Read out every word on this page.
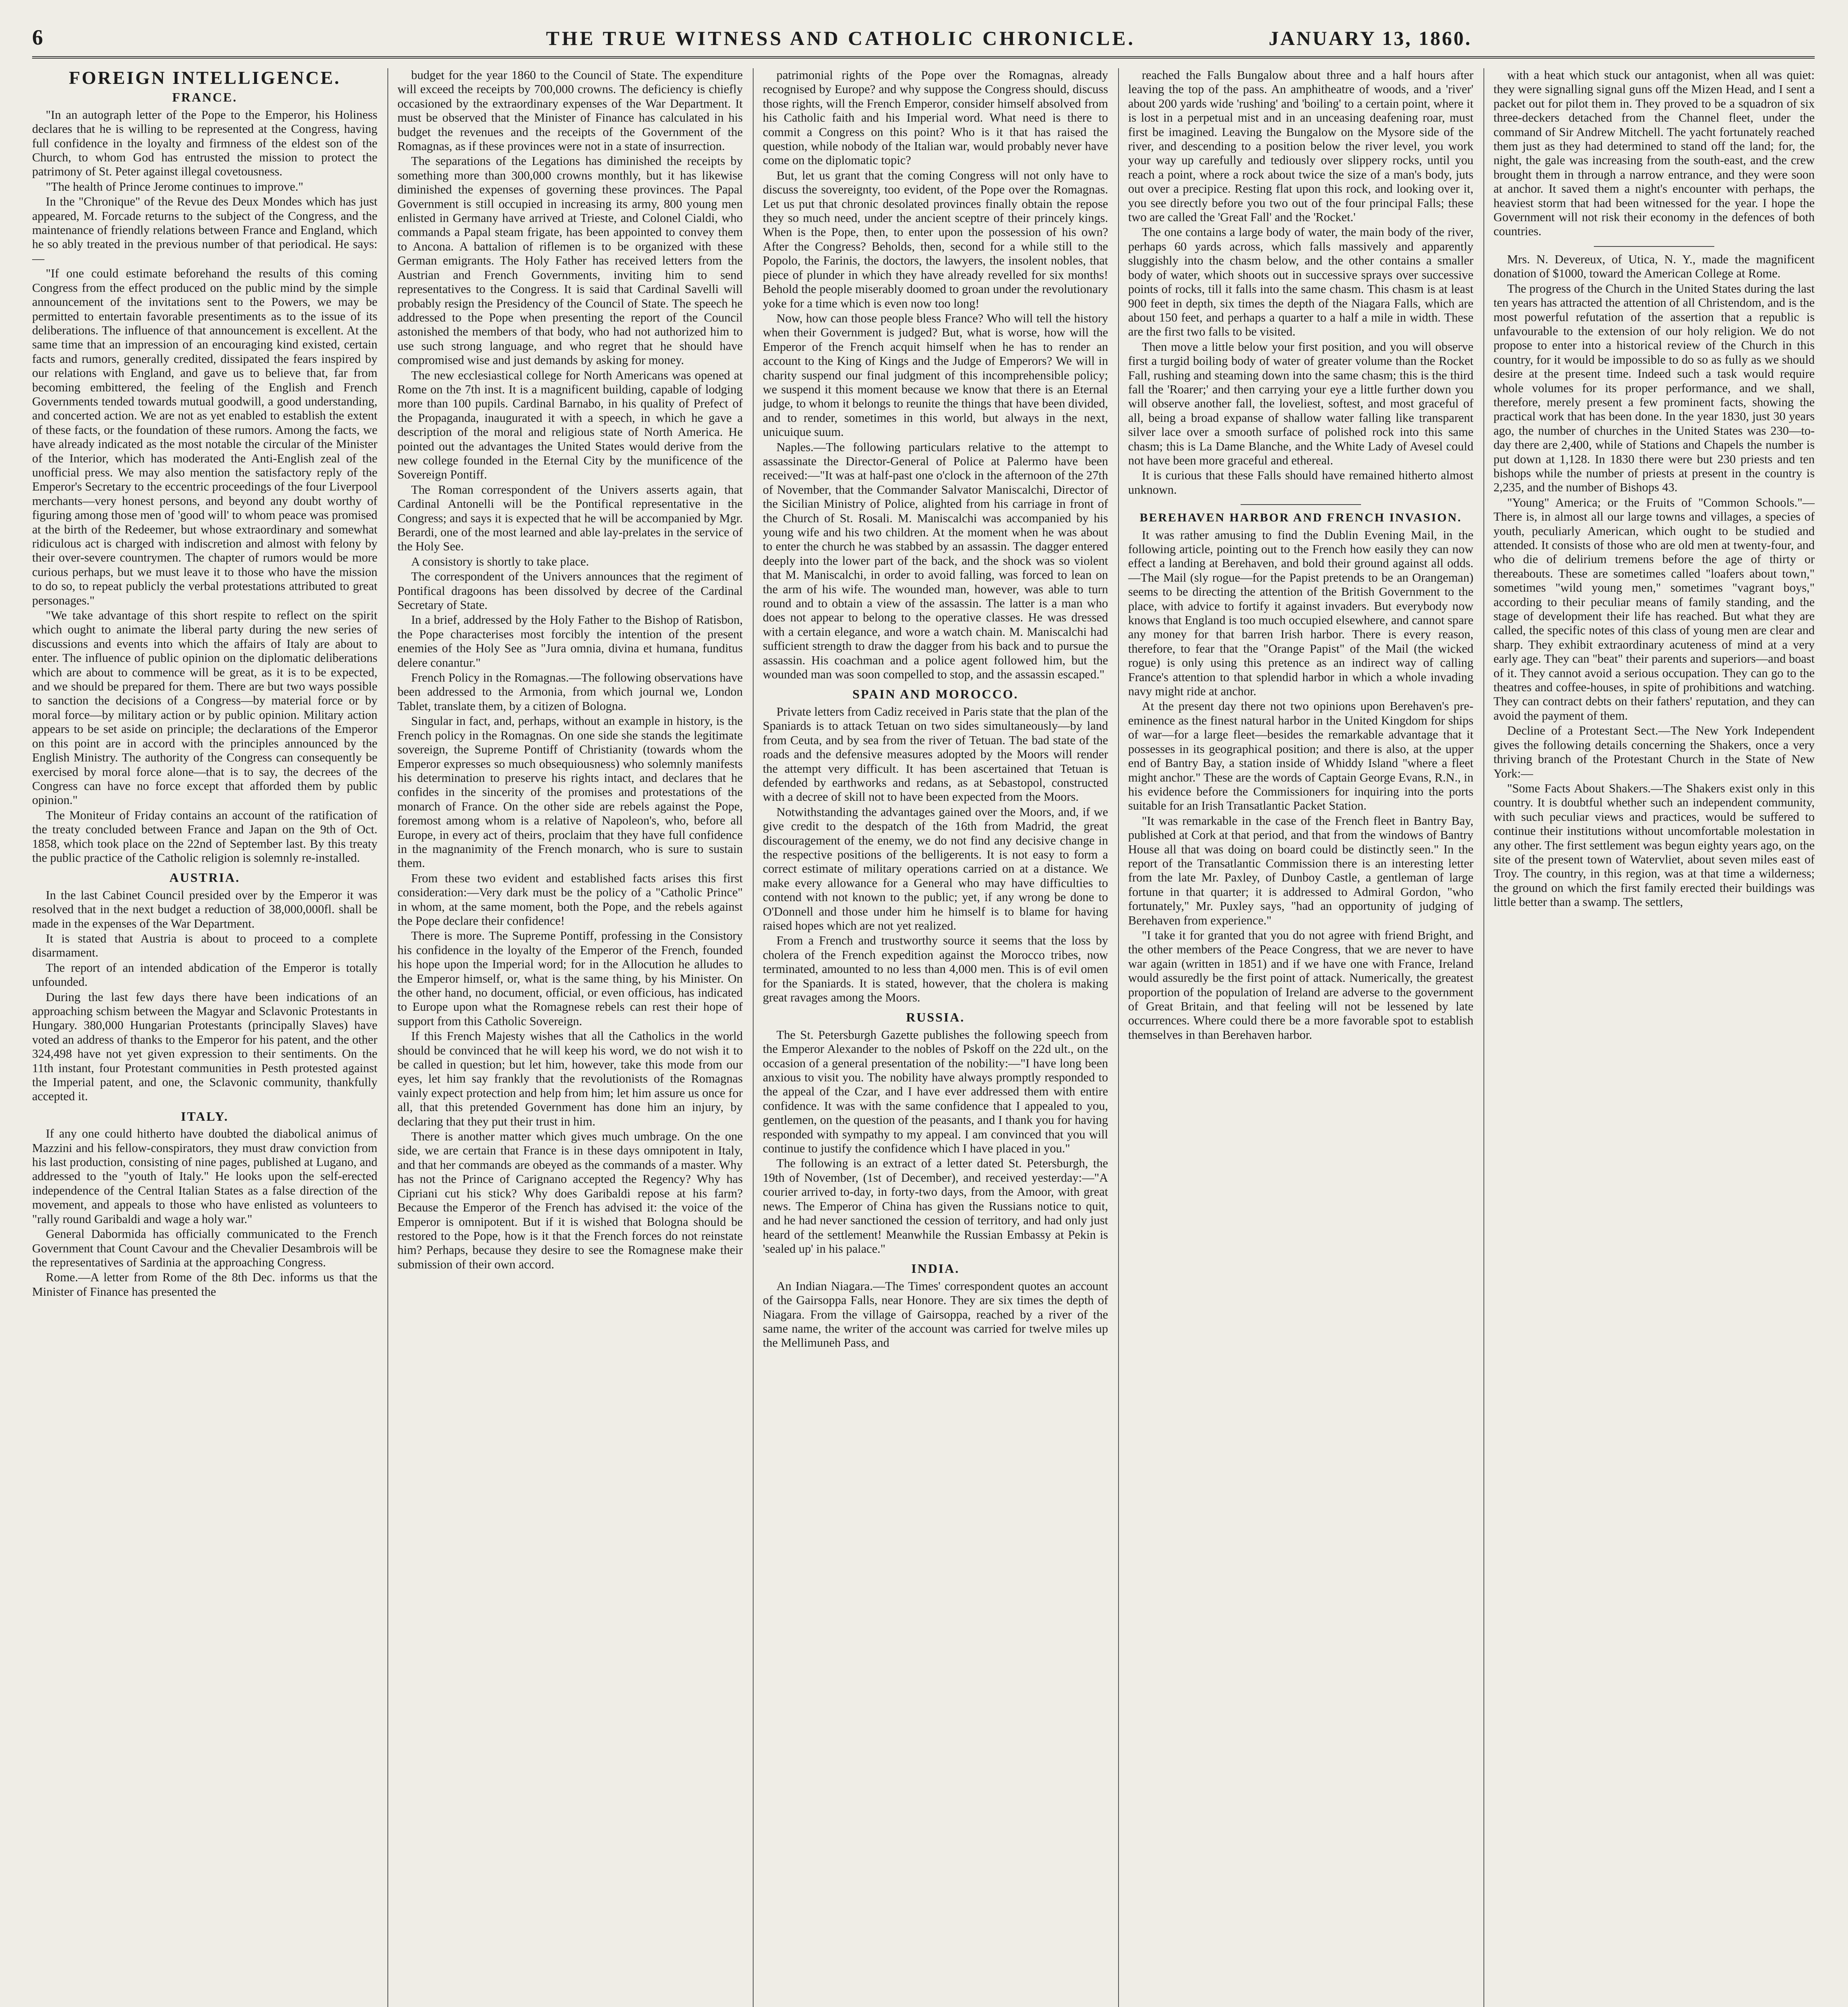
6	THE TRUE WITNESS AND CATHOLIC CHRONICLE.	JANUARY 13, 1860.
FOREIGN INTELLIGENCE.
FRANCE.

"In an autograph letter of the Pope to the Emperor, his Holiness declares that he is willing to be represented at the Congress, having full confidence in the loyalty and firmness of the eldest son of the Church, to whom God has entrusted the mission to protect the patrimony of St. Peter against illegal covetousness.

"The health of Prince Jerome continues to improve."

In the "Chronique" of the Revue des Deux Mondes which has just appeared, M. Forcade returns to the subject of the Congress, and the maintenance of friendly relations between France and England, which he so ably treated in the previous number of that periodical. He says:—

"If one could estimate beforehand the results of this coming Congress from the effect produced on the public mind by the simple announcement of the invitations sent to the Powers, we may be permitted to entertain favorable presentiments as to the issue of its deliberations. The influence of that announcement is excellent. At the same time that an impression of an encouraging kind existed, certain facts and rumors, generally credited, dissipated the fears inspired by our relations with England, and gave us to believe that, far from becoming embittered, the feeling of the English and French Governments tended towards mutual goodwill, a good understanding, and concerted action. We are not as yet enabled to establish the extent of these facts, or the foundation of these rumors. Among the facts, we have already indicated as the most notable the circular of the Minister of the Interior, which has moderated the Anti-English zeal of the unofficial press. We may also mention the satisfactory reply of the Emperor's Secretary to the eccentric proceedings of the four Liverpool merchants—very honest persons, and beyond any doubt worthy of figuring among those men of 'good will' to whom peace was promised at the birth of the Redeemer, but whose extraordinary and somewhat ridiculous act is charged with indiscretion and almost with felony by their over-severe countrymen. The chapter of rumors would be more curious perhaps, but we must leave it to those who have the mission to do so, to repeat publicly the verbal protestations attributed to great personages."

"We take advantage of this short respite to reflect on the spirit which ought to animate the liberal party during the new series of discussions and events into which the affairs of Italy are about to enter. The influence of public opinion on the diplomatic deliberations which are about to commence will be great, as it is to be expected, and we should be prepared for them. There are but two ways possible to sanction the decisions of a Congress—by material force or by moral force—by military action or by public opinion. Military action appears to be set aside on principle; the declarations of the Emperor on this point are in accord with the principles announced by the English Ministry. The authority of the Congress can consequently be exercised by moral force alone—that is to say, the decrees of the Congress can have no force except that afforded them by public opinion."

The Moniteur of Friday contains an account of the ratification of the treaty concluded between France and Japan on the 9th of Oct. 1858, which took place on the 22nd of September last. By this treaty the public practice of the Catholic religion is solemnly re-installed.

AUSTRIA.

In the last Cabinet Council presided over by the Emperor it was resolved that in the next budget a reduction of 38,000,000fl. shall be made in the expenses of the War Department.

It is stated that Austria is about to proceed to a complete disarmament.

The report of an intended abdication of the Emperor is totally unfounded.

During the last few days there have been indications of an approaching schism between the Magyar and Sclavonic Protestants in Hungary. 380,000 Hungarian Protestants (principally Slaves) have voted an address of thanks to the Emperor for his patent, and the other 324,498 have not yet given expression to their sentiments. On the 11th instant, four Protestant communities in Pesth protested against the Imperial patent, and one, the Sclavonic community, thankfully accepted it.

ITALY.

If any one could hitherto have doubted the diabolical animus of Mazzini and his fellow-conspirators, they must draw conviction from his last production, consisting of nine pages, published at Lugano, and addressed to the "youth of Italy." He looks upon the self-erected independence of the Central Italian States as a false direction of the movement, and appeals to those who have enlisted as volunteers to "rally round Garibaldi and wage a holy war."

General Dabormida has officially communicated to the French Government that Count Cavour and the Chevalier Desambrois will be the representatives of Sardinia at the approaching Congress.

Rome.—A letter from Rome of the 8th Dec. informs us that the Minister of Finance has presented the

budget for the year 1860 to the Council of State. The expenditure will exceed the receipts by 700,000 crowns. The deficiency is chiefly occasioned by the extraordinary expenses of the War Department. It must be observed that the Minister of Finance has calculated in his budget the revenues and the receipts of the Government of the Romagnas, as if these provinces were not in a state of insurrection.

The separations of the Legations has diminished the receipts by something more than 300,000 crowns monthly, but it has likewise diminished the expenses of governing these provinces. The Papal Government is still occupied in increasing its army, 800 young men enlisted in Germany have arrived at Trieste, and Colonel Cialdi, who commands a Papal steam frigate, has been appointed to convey them to Ancona. A battalion of riflemen is to be organized with these German emigrants. The Holy Father has received letters from the Austrian and French Governments, inviting him to send representatives to the Congress. It is said that Cardinal Savelli will probably resign the Presidency of the Council of State. The speech he addressed to the Pope when presenting the report of the Council astonished the members of that body, who had not authorized him to use such strong language, and who regret that he should have compromised wise and just demands by asking for money.

The new ecclesiastical college for North Americans was opened at Rome on the 7th inst. It is a magnificent building, capable of lodging more than 100 pupils. Cardinal Barnabo, in his quality of Prefect of the Propaganda, inaugurated it with a speech, in which he gave a description of the moral and religious state of North America. He pointed out the advantages the United States would derive from the new college founded in the Eternal City by the munificence of the Sovereign Pontiff.

The Roman correspondent of the Univers asserts again, that Cardinal Antonelli will be the Pontifical representative in the Congress; and says it is expected that he will be accompanied by Mgr. Berardi, one of the most learned and able lay-prelates in the service of the Holy See.

A consistory is shortly to take place.

The correspondent of the Univers announces that the regiment of Pontifical dragoons has been dissolved by decree of the Cardinal Secretary of State.

In a brief, addressed by the Holy Father to the Bishop of Ratisbon, the Pope characterises most forcibly the intention of the present enemies of the Holy See as "Jura omnia, divina et humana, funditus delere conantur."

French Policy in the Romagnas.—The following observations have been addressed to the Armonia, from which journal we, London Tablet, translate them, by a citizen of Bologna.

Singular in fact, and, perhaps, without an example in history, is the French policy in the Romagnas. On one side she stands the legitimate sovereign, the Supreme Pontiff of Christianity (towards whom the Emperor expresses so much obsequiousness) who solemnly manifests his determination to preserve his rights intact, and declares that he confides in the sincerity of the promises and protestations of the monarch of France. On the other side are rebels against the Pope, foremost among whom is a relative of Napoleon's, who, before all Europe, in every act of theirs, proclaim that they have full confidence in the magnanimity of the French monarch, who is sure to sustain them.

From these two evident and established facts arises this first consideration:—Very dark must be the policy of a "Catholic Prince" in whom, at the same moment, both the Pope, and the rebels against the Pope declare their confidence!

There is more. The Supreme Pontiff, professing in the Consistory his confidence in the loyalty of the Emperor of the French, founded his hope upon the Imperial word; for in the Allocution he alludes to the Emperor himself, or, what is the same thing, by his Minister. On the other hand, no document, official, or even officious, has indicated to Europe upon what the Romagnese rebels can rest their hope of support from this Catholic Sovereign.

If this French Majesty wishes that all the Catholics in the world should be convinced that he will keep his word, we do not wish it to be called in question; but let him, however, take this mode from our eyes, let him say frankly that the revolutionists of the Romagnas vainly expect protection and help from him; let him assure us once for all, that this pretended Government has done him an injury, by declaring that they put their trust in him.

There is another matter which gives much umbrage. On the one side, we are certain that France is in these days omnipotent in Italy, and that her commands are obeyed as the commands of a master. Why has not the Prince of Carignano accepted the Regency? Why has Cipriani cut his stick? Why does Garibaldi repose at his farm? Because the Emperor of the French has advised it: the voice of the Emperor is omnipotent. But if it is wished that Bologna should be restored to the Pope, how is it that the French forces do not reinstate him? Perhaps, because they desire to see the Romagnese make their submission of their own accord.

patrimonial rights of the Pope over the Romagnas, already recognised by Europe? and why suppose the Congress should, discuss those rights, will the French Emperor, consider himself absolved from his Catholic faith and his Imperial word. What need is there to commit a Congress on this point? Who is it that has raised the question, while nobody of the Italian war, would probably never have come on the diplomatic topic?

But, let us grant that the coming Congress will not only have to discuss the sovereignty, too evident, of the Pope over the Romagnas. Let us put that chronic desolated provinces finally obtain the repose they so much need, under the ancient sceptre of their princely kings. When is the Pope, then, to enter upon the possession of his own? After the Congress? Beholds, then, second for a while still to the Popolo, the Farinis, the doctors, the lawyers, the insolent nobles, that piece of plunder in which they have already revelled for six months! Behold the people miserably doomed to groan under the revolutionary yoke for a time which is even now too long!

Now, how can those people bless France? Who will tell the history when their Government is judged? But, what is worse, how will the Emperor of the French acquit himself when he has to render an account to the King of Kings and the Judge of Emperors? We will in charity suspend our final judgment of this incomprehensible policy; we suspend it this moment because we know that there is an Eternal judge, to whom it belongs to reunite the things that have been divided, and to render, sometimes in this world, but always in the next, unicuique suum.

Naples.—The following particulars relative to the attempt to assassinate the Director-General of Police at Palermo have been received:—"It was at half-past one o'clock in the afternoon of the 27th of November, that the Commander Salvator Maniscalchi, Director of the Sicilian Ministry of Police, alighted from his carriage in front of the Church of St. Rosali. M. Maniscalchi was accompanied by his young wife and his two children. At the moment when he was about to enter the church he was stabbed by an assassin. The dagger entered deeply into the lower part of the back, and the shock was so violent that M. Maniscalchi, in order to avoid falling, was forced to lean on the arm of his wife. The wounded man, however, was able to turn round and to obtain a view of the assassin. The latter is a man who does not appear to belong to the operative classes. He was dressed with a certain elegance, and wore a watch chain. M. Maniscalchi had sufficient strength to draw the dagger from his back and to pursue the assassin. His coachman and a police agent followed him, but the wounded man was soon compelled to stop, and the assassin escaped."

SPAIN AND MOROCCO.

Private letters from Cadiz received in Paris state that the plan of the Spaniards is to attack Tetuan on two sides simultaneously—by land from Ceuta, and by sea from the river of Tetuan. The bad state of the roads and the defensive measures adopted by the Moors will render the attempt very difficult. It has been ascertained that Tetuan is defended by earthworks and redans, as at Sebastopol, constructed with a decree of skill not to have been expected from the Moors.

Notwithstanding the advantages gained over the Moors, and, if we give credit to the despatch of the 16th from Madrid, the great discouragement of the enemy, we do not find any decisive change in the respective positions of the belligerents. It is not easy to form a correct estimate of military operations carried on at a distance. We make every allowance for a General who may have difficulties to contend with not known to the public; yet, if any wrong be done to O'Donnell and those under him he himself is to blame for having raised hopes which are not yet realized.

From a French and trustworthy source it seems that the loss by cholera of the French expedition against the Morocco tribes, now terminated, amounted to no less than 4,000 men. This is of evil omen for the Spaniards. It is stated, however, that the cholera is making great ravages among the Moors.

RUSSIA.

The St. Petersburgh Gazette publishes the following speech from the Emperor Alexander to the nobles of Pskoff on the 22d ult., on the occasion of a general presentation of the nobility:—"I have long been anxious to visit you. The nobility have always promptly responded to the appeal of the Czar, and I have ever addressed them with entire confidence. It was with the same confidence that I appealed to you, gentlemen, on the question of the peasants, and I thank you for having responded with sympathy to my appeal. I am convinced that you will continue to justify the confidence which I have placed in you."

The following is an extract of a letter dated St. Petersburgh, the 19th of November, (1st of December), and received yesterday:—"A courier arrived to-day, in forty-two days, from the Amoor, with great news. The Emperor of China has given the Russians notice to quit, and he had never sanctioned the cession of territory, and had only just heard of the settlement! Meanwhile the Russian Embassy at Pekin is 'sealed up' in his palace."

INDIA.

An Indian Niagara.—The Times' correspondent quotes an account of the Gairsoppa Falls, near Honore. They are six times the depth of Niagara. From the village of Gairsoppa, reached by a river of the same name, the writer of the account was carried for twelve miles up the Mellimuneh Pass, and

reached the Falls Bungalow about three and a half hours after leaving the top of the pass. An amphitheatre of woods, and a 'river' about 200 yards wide 'rushing' and 'boiling' to a certain point, where it is lost in a perpetual mist and in an unceasing deafening roar, must first be imagined. Leaving the Bungalow on the Mysore side of the river, and descending to a position below the river level, you work your way up carefully and tediously over slippery rocks, until you reach a point, where a rock about twice the size of a man's body, juts out over a precipice. Resting flat upon this rock, and looking over it, you see directly before you two out of the four principal Falls; these two are called the 'Great Fall' and the 'Rocket.'

The one contains a large body of water, the main body of the river, perhaps 60 yards across, which falls massively and apparently sluggishly into the chasm below, and the other contains a smaller body of water, which shoots out in successive sprays over successive points of rocks, till it falls into the same chasm. This chasm is at least 900 feet in depth, six times the depth of the Niagara Falls, which are about 150 feet, and perhaps a quarter to a half a mile in width. These are the first two falls to be visited.

Then move a little below your first position, and you will observe first a turgid boiling body of water of greater volume than the Rocket Fall, rushing and steaming down into the same chasm; this is the third fall the 'Roarer;' and then carrying your eye a little further down you will observe another fall, the loveliest, softest, and most graceful of all, being a broad expanse of shallow water falling like transparent silver lace over a smooth surface of polished rock into this same chasm; this is La Dame Blanche, and the White Lady of Avesel could not have been more graceful and ethereal.

It is curious that these Falls should have remained hitherto almost unknown.

BEREHAVEN HARBOR AND FRENCH INVASION.

It was rather amusing to find the Dublin Evening Mail, in the following article, pointing out to the French how easily they can now effect a landing at Berehaven, and bold their ground against all odds.—The Mail (sly rogue—for the Papist pretends to be an Orangeman) seems to be directing the attention of the British Government to the place, with advice to fortify it against invaders. But everybody now knows that England is too much occupied elsewhere, and cannot spare any money for that barren Irish harbor. There is every reason, therefore, to fear that the "Orange Papist" of the Mail (the wicked rogue) is only using this pretence as an indirect way of calling France's attention to that splendid harbor in which a whole invading navy might ride at anchor.

At the present day there not two opinions upon Berehaven's pre-eminence as the finest natural harbor in the United Kingdom for ships of war—for a large fleet—besides the remarkable advantage that it possesses in its geographical position; and there is also, at the upper end of Bantry Bay, a station inside of Whiddy Island "where a fleet might anchor." These are the words of Captain George Evans, R.N., in his evidence before the Commissioners for inquiring into the ports suitable for an Irish Transatlantic Packet Station.

"It was remarkable in the case of the French fleet in Bantry Bay, published at Cork at that period, and that from the windows of Bantry House all that was doing on board could be distinctly seen." In the report of the Transatlantic Commission there is an interesting letter from the late Mr. Paxley, of Dunboy Castle, a gentleman of large fortune in that quarter; it is addressed to Admiral Gordon, "who fortunately," Mr. Puxley says, "had an opportunity of judging of Berehaven from experience."

"I take it for granted that you do not agree with friend Bright, and the other members of the Peace Congress, that we are never to have war again (written in 1851) and if we have one with France, Ireland would assuredly be the first point of attack. Numerically, the greatest proportion of the population of Ireland are adverse to the government of Great Britain, and that feeling will not be lessened by late occurrences. Where could there be a more favorable spot to establish themselves in than Berehaven harbor.

with a heat which stuck our antagonist, when all was quiet: they were signalling signal guns off the Mizen Head, and I sent a packet out for pilot them in. They proved to be a squadron of six three-deckers detached from the Channel fleet, under the command of Sir Andrew Mitchell. The yacht fortunately reached them just as they had determined to stand off the land; for, the night, the gale was increasing from the south-east, and the crew brought them in through a narrow entrance, and they were soon at anchor. It saved them a night's encounter with perhaps, the heaviest storm that had been witnessed for the year. I hope the Government will not risk their economy in the defences of both countries.

Mrs. N. Devereux, of Utica, N. Y., made the magnificent donation of $1000, toward the American College at Rome.

The progress of the Church in the United States during the last ten years has attracted the attention of all Christendom, and is the most powerful refutation of the assertion that a republic is unfavourable to the extension of our holy religion. We do not propose to enter into a historical review of the Church in this country, for it would be impossible to do so as fully as we should desire at the present time. Indeed such a task would require whole volumes for its proper performance, and we shall, therefore, merely present a few prominent facts, showing the practical work that has been done. In the year 1830, just 30 years ago, the number of churches in the United States was 230—to-day there are 2,400, while of Stations and Chapels the number is put down at 1,128. In 1830 there were but 230 priests and ten bishops while the number of priests at present in the country is 2,235, and the number of Bishops 43.

"Young" America; or the Fruits of "Common Schools."—There is, in almost all our large towns and villages, a species of youth, peculiarly American, which ought to be studied and attended. It consists of those who are old men at twenty-four, and who die of delirium tremens before the age of thirty or thereabouts. These are sometimes called "loafers about town," sometimes "wild young men," sometimes "vagrant boys," according to their peculiar means of family standing, and the stage of development their life has reached. But what they are called, the specific notes of this class of young men are clear and sharp. They exhibit extraordinary acuteness of mind at a very early age. They can "beat" their parents and superiors—and boast of it. They cannot avoid a serious occupation. They can go to the theatres and coffee-houses, in spite of prohibitions and watching. They can contract debts on their fathers' reputation, and they can avoid the payment of them.

Decline of a Protestant Sect.—The New York Independent gives the following details concerning the Shakers, once a very thriving branch of the Protestant Church in the State of New York:—

"Some Facts About Shakers.—The Shakers exist only in this country. It is doubtful whether such an independent community, with such peculiar views and practices, would be suffered to continue their institutions without uncomfortable molestation in any other. The first settlement was begun eighty years ago, on the site of the present town of Watervliet, about seven miles east of Troy. The country, in this region, was at that time a wilderness; the ground on which the first family erected their buildings was little better than a swamp. The settlers,
